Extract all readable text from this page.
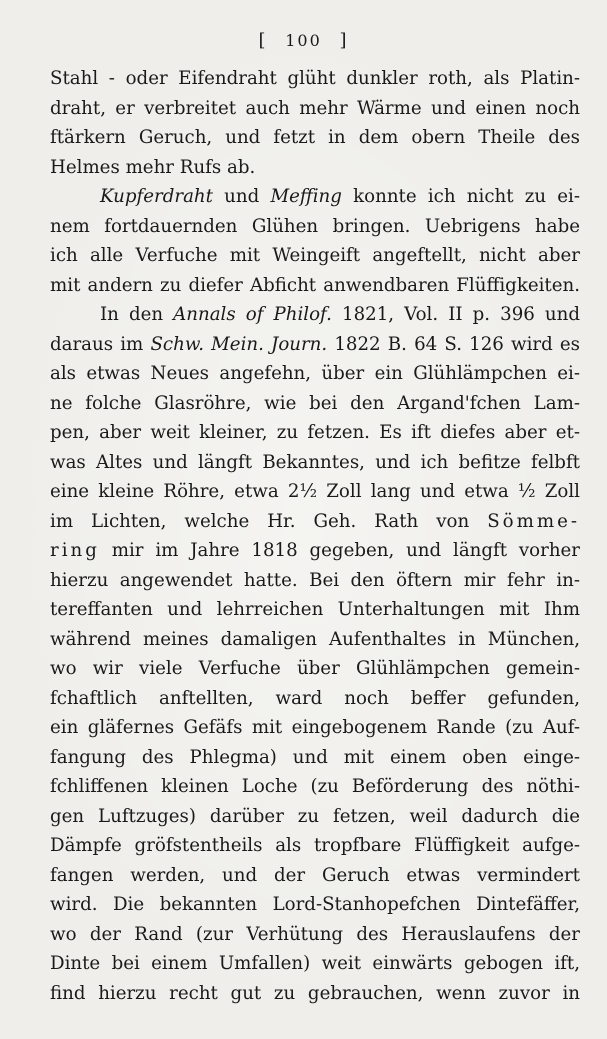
[ 100 ]
Stahl - oder Eifendraht glüht dunkler roth, als Platin-
draht, er verbreitet auch mehr Wärme und einen noch
ftärkern Geruch, und fetzt in dem obern Theile des
Helmes mehr Rufs ab.
Kupferdraht und Meffing konnte ich nicht zu ei-
nem fortdauernden Glühen bringen. Uebrigens habe
ich alle Verfuche mit Weingeift angeftellt, nicht aber
mit andern zu diefer Abficht anwendbaren Flüffigkeiten.
In den Annals of Philof. 1821, Vol. II p. 396 und
daraus im Schw. Mein. Journ. 1822 B. 64 S. 126 wird es
als etwas Neues angefehn, über ein Glühlämpchen ei-
ne folche Glasröhre, wie bei den Argand'fchen Lam-
pen, aber weit kleiner, zu fetzen. Es ift diefes aber et-
was Altes und längft Bekanntes, und ich befitze felbft
eine kleine Röhre, etwa 2½ Zoll lang und etwa ½ Zoll
im Lichten, welche Hr. Geh. Rath von Sömme-
ring mir im Jahre 1818 gegeben, und längft vorher
hierzu angewendet hatte. Bei den öftern mir fehr in-
tereffanten und lehrreichen Unterhaltungen mit Ihm
während meines damaligen Aufenthaltes in München,
wo wir viele Verfuche über Glühlämpchen gemein-
fchaftlich anftellten, ward noch beffer gefunden,
ein gläfernes Gefäfs mit eingebogenem Rande (zu Auf-
fangung des Phlegma) und mit einem oben einge-
fchliffenen kleinen Loche (zu Beförderung des nöthi-
gen Luftzuges) darüber zu fetzen, weil dadurch die
Dämpfe gröfstentheils als tropfbare Flüffigkeit aufge-
fangen werden, und der Geruch etwas vermindert
wird. Die bekannten Lord-Stanhopefchen Dintefäffer,
wo der Rand (zur Verhütung des Herauslaufens der
Dinte bei einem Umfallen) weit einwärts gebogen ift,
find hierzu recht gut zu gebrauchen, wenn zuvor in
